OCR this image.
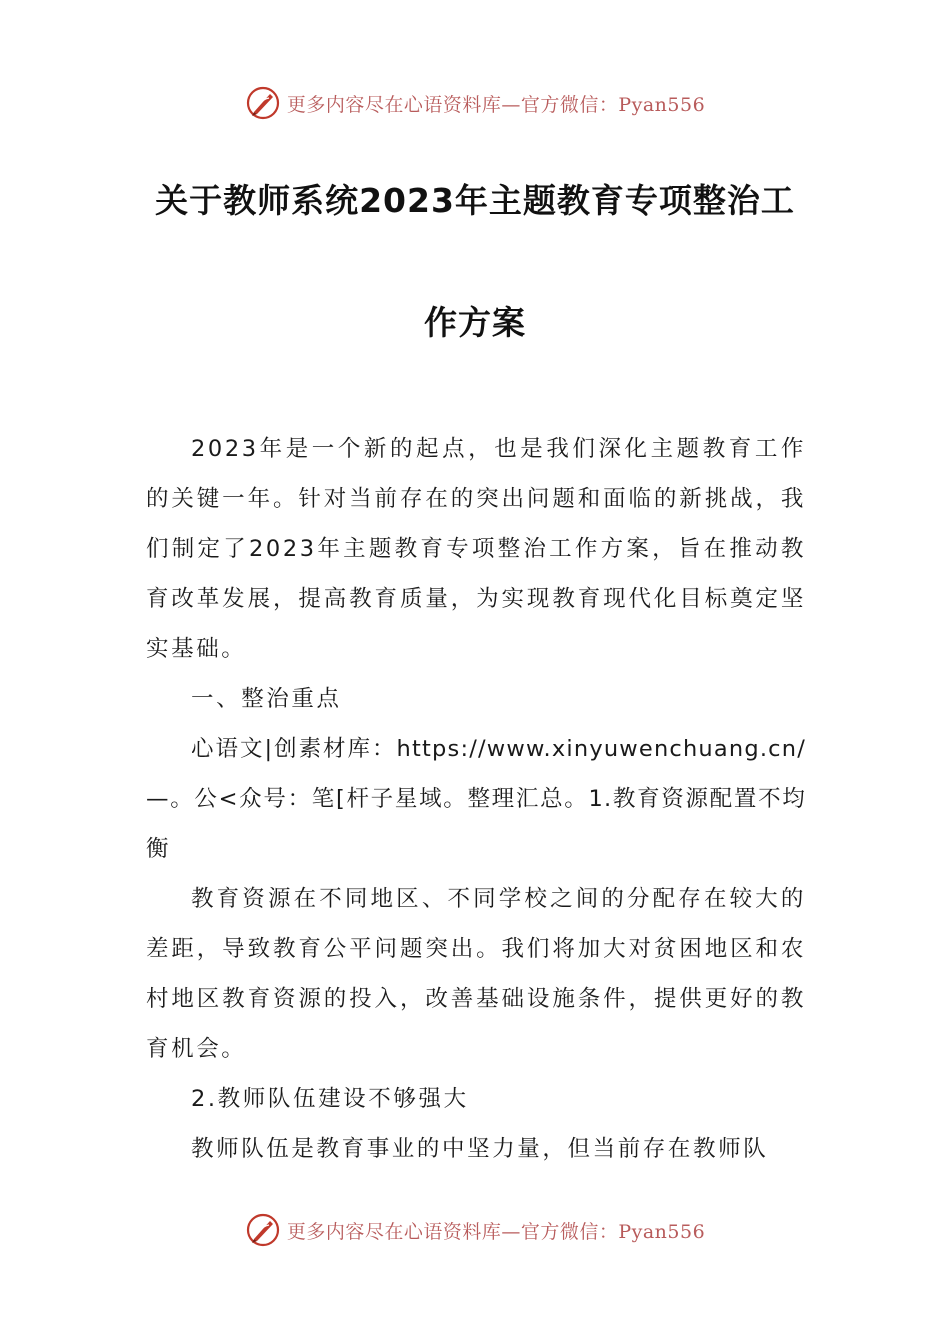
更多内容尽在心语资料库—官方微信：Pyan556
关于教师系统2023年主题教育专项整治工
作方案

2023年是一个新的起点，也是我们深化主题教育工作的关键一年。针对当前存在的突出问题和面临的新挑战，我们制定了2023年主题教育专项整治工作方案，旨在推动教育改革发展，提高教育质量，为实现教育现代化目标奠定坚实基础。

一、整治重点

心语文|创素材库：https://www.xinyuwenchuang.cn/—。公<众号：笔[杆子星域。整理汇总。1.教育资源配置不均衡

教育资源在不同地区、不同学校之间的分配存在较大的差距，导致教育公平问题突出。我们将加大对贫困地区和农村地区教育资源的投入，改善基础设施条件，提供更好的教育机会。

2.教师队伍建设不够强大

教师队伍是教育事业的中坚力量，但当前存在教师队

更多内容尽在心语资料库—官方微信：Pyan556
